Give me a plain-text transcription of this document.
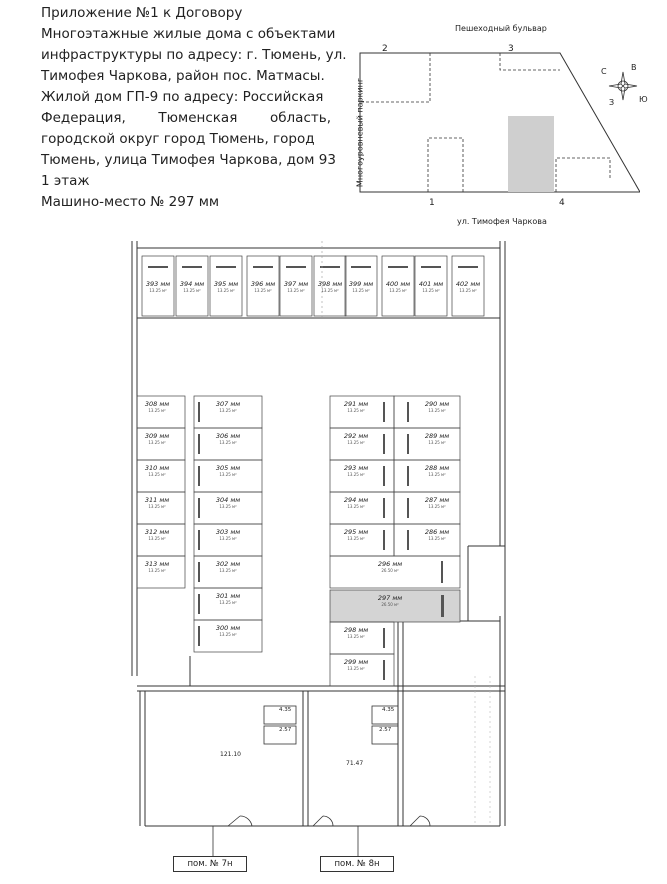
Приложение №1 к Договору
Многоэтажные жилые дома с объектами
инфраструктуры по адресу: г. Тюмень, ул.
Тимофея Чаркова, район пос. Матмасы.
Жилой дом ГП-9 по адресу: Российская
Федерация, Тюменская область,
городской округ город Тюмень, город
Тюмень, улица Тимофея Чаркова, дом 93
1 этаж
Машино-место № 297 мм
Пешеходный бульвар
ул. Тимофея Чаркова
Многоуровневый паркинг
2	3
1	4
С	В
Ю
З
4.35
2.57
121.10
4.35
2.57
71.47
пом. № 7н	пом. № 8н
393 мм
13.25 м²
394 мм
13.25 м²
395 мм
13.25 м²
396 мм
13.25 м²
397 мм
13.25 м²
398 мм
13.25 м²
399 мм
13.25 м²
400 мм
13.25 м²
401 мм
13.25 м²
402 мм
13.25 м²
308 мм
13.25 м²
309 мм
13.25 м²
310 мм
13.25 м²
311 мм
13.25 м²
312 мм
13.25 м²
313 мм
13.25 м²
307 мм
13.25 м²
306 мм
13.25 м²
305 мм
13.25 м²
304 мм
13.25 м²
303 мм
13.25 м²
302 мм
13.25 м²
301 мм
13.25 м²
300 мм
13.25 м²
291 мм
13.25 м²
292 мм
13.25 м²
293 мм
13.25 м²
294 мм
13.25 м²
295 мм
13.25 м²
290 мм
13.25 м²
289 мм
13.25 м²
288 мм
13.25 м²
287 мм
13.25 м²
286 мм
13.25 м²
296 мм
26.50 м²
297 мм
26.50 м²
298 мм
13.25 м²
299 мм
13.25 м²
